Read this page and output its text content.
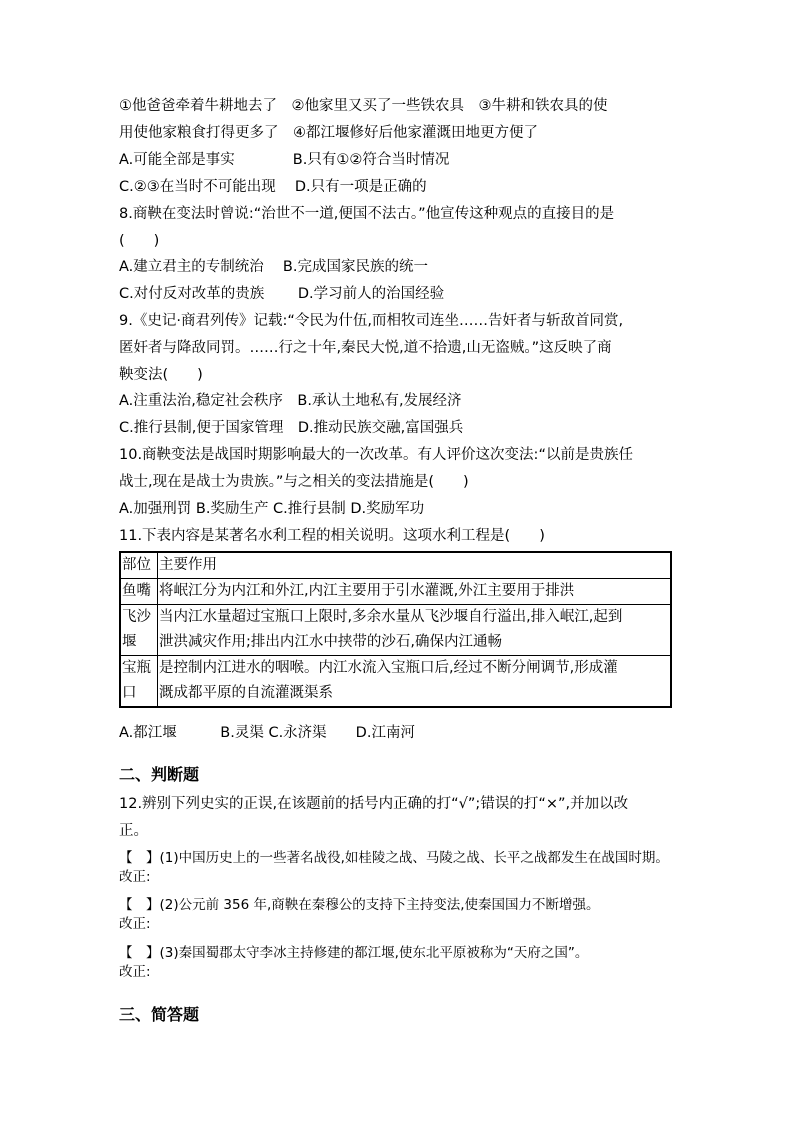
①他爸爸牵着牛耕地去了　②他家里又买了一些铁农具　③牛耕和铁农具的使
用使他家粮食打得更多了　④都江堰修好后他家灌溉田地更方便了
A.可能全部是事实　　　　B.只有①②符合当时情况
C.②③在当时不可能出现　 D.只有一项是正确的
8.商鞅在变法时曾说:“治世不一道,便国不法古。”他宣传这种观点的直接目的是
(　　)
A.建立君主的专制统治　 B.完成国家民族的统一
C.对付反对改革的贵族　　 D.学习前人的治国经验
9.《史记·商君列传》记载:“令民为什伍,而相牧司连坐……告奸者与斩敌首同赏,
匿奸者与降敌同罚。……行之十年,秦民大悦,道不拾遗,山无盗贼。”这反映了商
鞅变法(　　)
A.注重法治,稳定社会秩序　B.承认土地私有,发展经济
C.推行县制,便于国家管理　D.推动民族交融,富国强兵
10.商鞅变法是战国时期影响最大的一次改革。有人评价这次变法:“以前是贵族任
战士,现在是战士为贵族。”与之相关的变法措施是(　　)
A.加强刑罚 B.奖励生产 C.推行县制 D.奖励军功
11.下表内容是某著名水利工程的相关说明。这项水利工程是(　　)
部位	主要作用
鱼嘴	将岷江分为内江和外江,内江主要用于引水灌溉,外江主要用于排洪
飞沙堰	当内江水量超过宝瓶口上限时,多余水量从飞沙堰自行溢出,排入岷江,起到
泄洪减灾作用;排出内江水中挟带的沙石,确保内江通畅
宝瓶口	是控制内江进水的咽喉。内江水流入宝瓶口后,经过不断分闸调节,形成灌
溉成都平原的自流灌溉渠系
A.都江堰　　　B.灵渠 C.永济渠　　D.江南河
二、判断题
12.辨别下列史实的正误,在该题前的括号内正确的打“√”;错误的打“×”,并加以改
正。
【　】(1)中国历史上的一些著名战役,如桂陵之战、马陵之战、长平之战都发生在战国时期。
改正:
【　】(2)公元前 356 年,商鞅在秦穆公的支持下主持变法,使秦国国力不断增强。
改正:
【　】(3)秦国蜀郡太守李冰主持修建的都江堰,使东北平原被称为“天府之国”。
改正:
三、简答题
